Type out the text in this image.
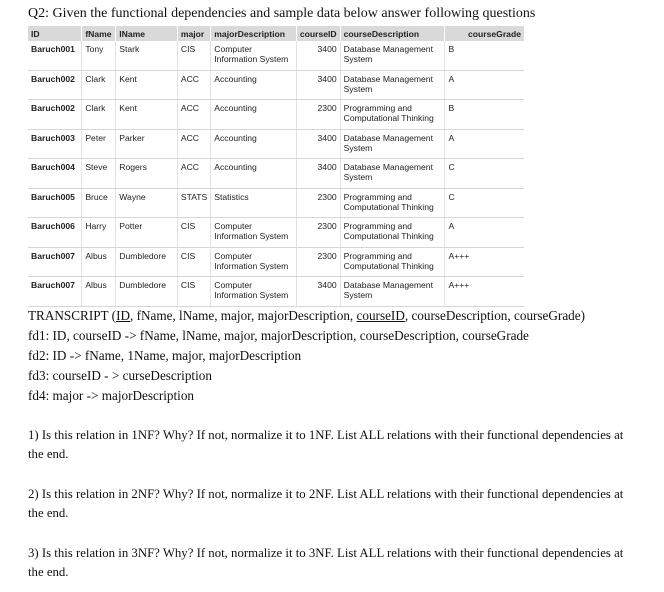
Q2: Given the functional dependencies and sample data below answer following questions
ID	fName	lName	major	majorDescription	courseID	courseDescription	courseGrade
Baruch001	Tony	Stark	CIS	Computer Information System	3400	Database Management System	B
Baruch002	Clark	Kent	ACC	Accounting	3400	Database Management System	A
Baruch002	Clark	Kent	ACC	Accounting	2300	Programming and Computational Thinking	B
Baruch003	Peter	Parker	ACC	Accounting	3400	Database Management System	A
Baruch004	Steve	Rogers	ACC	Accounting	3400	Database Management System	C
Baruch005	Bruce	Wayne	STATS	Statistics	2300	Programming and Computational Thinking	C
Baruch006	Harry	Potter	CIS	Computer Information System	2300	Programming and Computational Thinking	A
Baruch007	Albus	Dumbledore	CIS	Computer Information System	2300	Programming and Computational Thinking	A+++
Baruch007	Albus	Dumbledore	CIS	Computer Information System	3400	Database Management System	A+++
TRANSCRIPT (ID, fName, lName, major, majorDescription, courseID, courseDescription, courseGrade)
fd1: ID, courseID -> fName, lName, major, majorDescription, courseDescription, courseGrade
fd2: ID -> fName, 1Name, major, majorDescription
fd3: courseID - > curseDescription
fd4: major -> majorDescription
1) Is this relation in 1NF? Why? If not, normalize it to 1NF. List ALL relations with their functional dependencies at the end.
2) Is this relation in 2NF? Why? If not, normalize it to 2NF. List ALL relations with their functional dependencies at the end.
3) Is this relation in 3NF? Why? If not, normalize it to 3NF. List ALL relations with their functional dependencies at the end.
